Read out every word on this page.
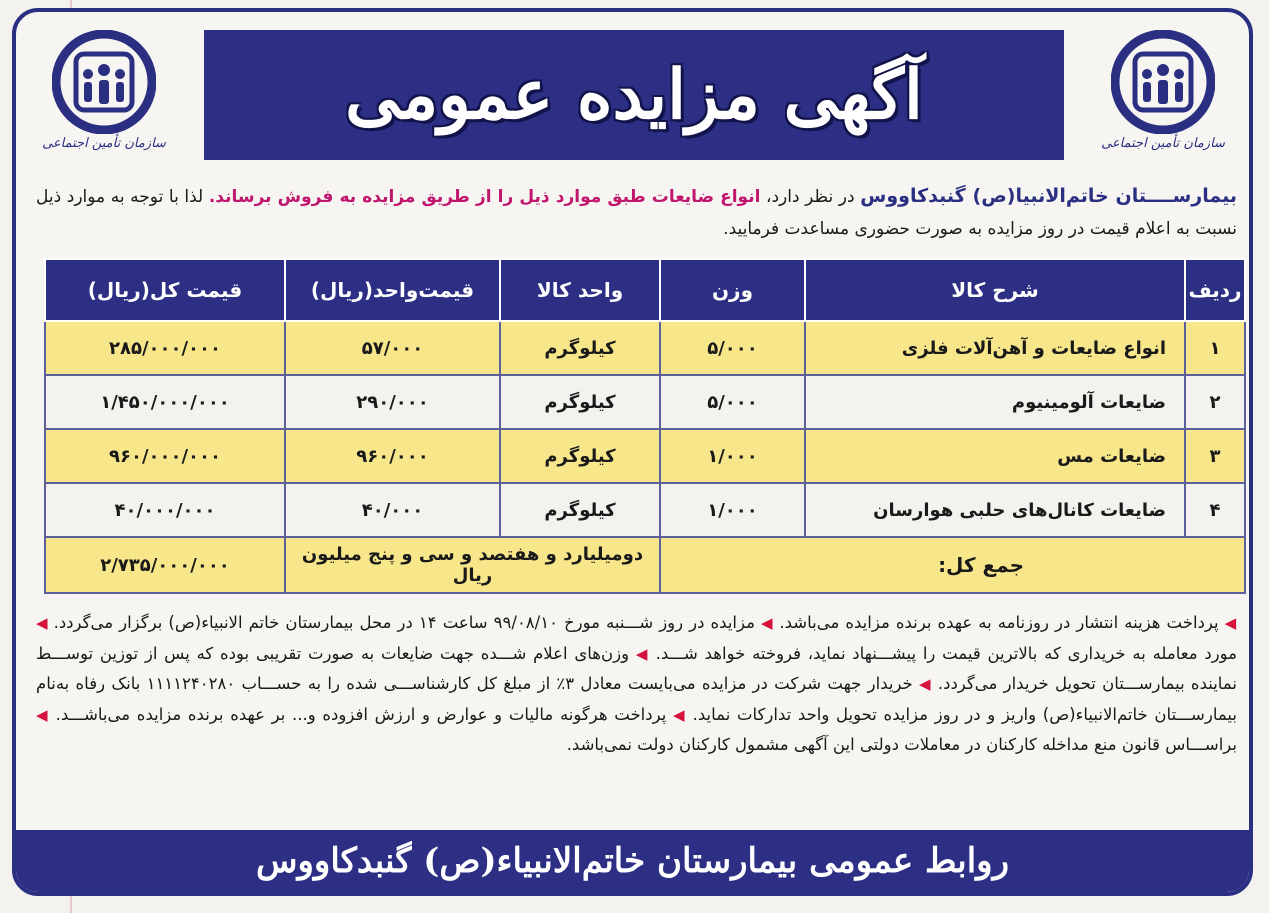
سازمان تأمین اجتماعی
سازمان تأمین اجتماعی
آگهی مزایده عمومی
بیمارســــتان خاتم‌الانبیا(ص) گنبدکاووس در نظر دارد، انواع ضایعات طبق موارد ذیل را از طریق مزایده به فروش برساند. لذا با توجه به موارد ذیل نسبت به اعلام قیمت در روز مزایده به صورت حضوری مساعدت فرمایید.
ردیف	شرح کالا	وزن	واحد کالا	قیمت‌واحد(ریال)	قیمت کل(ریال)
۱	انواع ضایعات و آهن‌آلات فلزی	۵/۰۰۰	کیلوگرم	۵۷/۰۰۰	۲۸۵/۰۰۰/۰۰۰
۲	ضایعات آلومینیوم	۵/۰۰۰	کیلوگرم	۲۹۰/۰۰۰	۱/۴۵۰/۰۰۰/۰۰۰
۳	ضایعات مس	۱/۰۰۰	کیلوگرم	۹۶۰/۰۰۰	۹۶۰/۰۰۰/۰۰۰
۴	ضایعات کانال‌های حلبی هوارسان	۱/۰۰۰	کیلوگرم	۴۰/۰۰۰	۴۰/۰۰۰/۰۰۰
جمع کل:			دومیلیارد و هفتصد و سی و پنج میلیون ریال		۲/۷۳۵/۰۰۰/۰۰۰
◀ پرداخت هزینه انتشار در روزنامه به عهده برنده مزایده می‌باشد. ◀ مزایده در روز شـــنبه مورخ ۹۹/۰۸/۱۰ ساعت ۱۴ در محل بیمارستان خاتم الانبیاء(ص) برگزار می‌گردد. ◀ مورد معامله به خریداری که بالاترین قیمت را پیشـــنهاد نماید، فروخته خواهد شـــد. ◀ وزن‌های اعلام شـــده جهت ضایعات به صورت تقریبی بوده که پس از توزین توســـط نماینده بیمارســـتان تحویل خریدار می‌گردد. ◀ خریدار جهت شرکت در مزایده می‌بایست معادل ۳٪ از مبلغ کل کارشناســـی شده را به حســـاب ۱۱۱۱۲۴۰۲۸۰ بانک رفاه به‌نام بیمارســـتان خاتم‌الانبیاء(ص) واریز و در روز مزایده تحویل واحد تدارکات نماید. ◀ پرداخت هرگونه مالیات و عوارض و ارزش افزوده و... بر عهده برنده مزایده می‌باشـــد. ◀ براســـاس قانون منع مداخله کارکنان در معاملات دولتی این آگهی مشمول کارکنان دولت نمی‌باشد.
روابط عمومی بیمارستان خاتم‌الانبیاء(ص) گنبدکاووس
